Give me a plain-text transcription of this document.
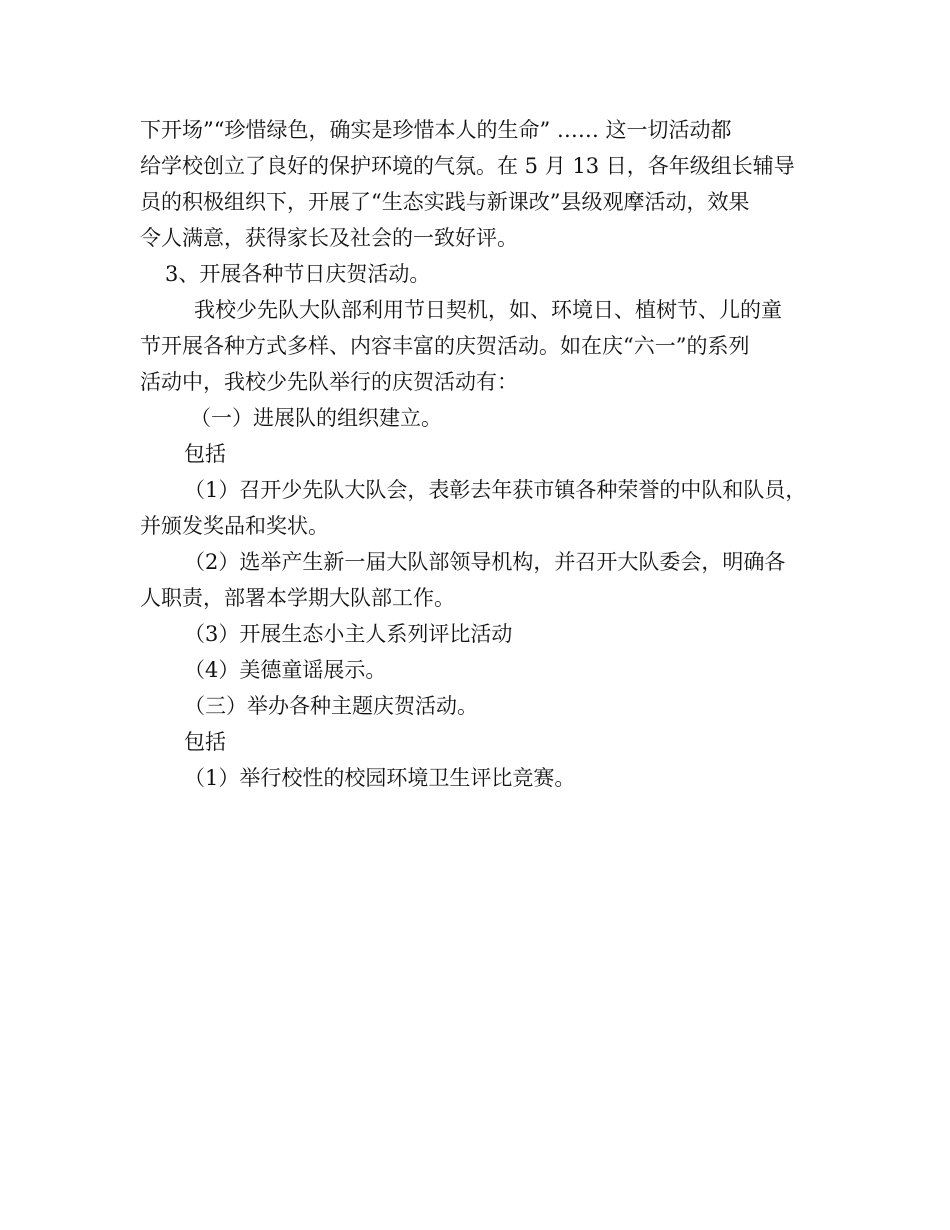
下开场”“珍惜绿色，确实是珍惜本人的生命” …… 这一切活动都
给学校创立了良好的保护环境的气氛。在 5 月 13 日，各年级组长辅导
员的积极组织下，开展了“生态实践与新课改”县级观摩活动，效果
令人满意，获得家长及社会的一致好评。
3、开展各种节日庆贺活动。
我校少先队大队部利用节日契机，如、环境日、植树节、儿的童
节开展各种方式多样、内容丰富的庆贺活动。如在庆“六一”的系列
活动中，我校少先队举行的庆贺活动有：
（一）进展队的组织建立。
包括
（1）召开少先队大队会，表彰去年获市镇各种荣誉的中队和队员，
并颁发奖品和奖状。
（2）选举产生新一届大队部领导机构，并召开大队委会，明确各
人职责，部署本学期大队部工作。
（3）开展生态小主人系列评比活动
（4）美德童谣展示。
（三）举办各种主题庆贺活动。
包括
（1）举行校性的校园环境卫生评比竞赛。
